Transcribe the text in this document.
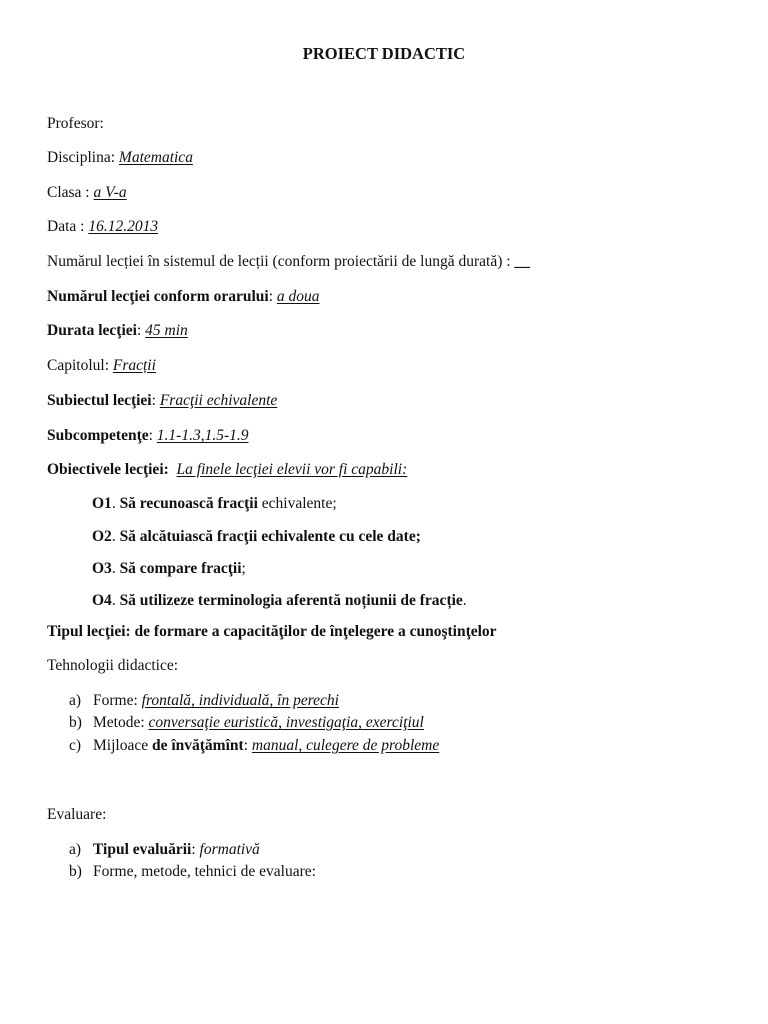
PROIECT DIDACTIC
Profesor:
Disciplina: Matematica
Clasa : a V-a
Data : 16.12.2013
Numărul lecției în sistemul de lecții (conform proiectării de lungă durată) : __
Numărul lecţiei conform orarului: a doua
Durata lecţiei: 45 min
Capitolul: Fracții
Subiectul lecţiei: Fracţii echivalente
Subcompetenţe: 1.1-1.3,1.5-1.9
Obiectivele lecţiei: La finele lecţiei elevii vor fi capabili:
O1. Să recunoască fracţii echivalente;
O2. Să alcătuiască fracţii echivalente cu cele date;
O3. Să compare fracţii;
O4. Să utilizeze terminologia aferentă noțiunii de fracție.
Tipul lecţiei: de formare a capacităţilor de înţelegere a cunoştinţelor
Tehnologii didactice:
a) Forme: frontală, individuală, în perechi
b) Metode: conversaţie euristică, investigaţia, exerciţiul
c) Mijloace de învăţămînt: manual, culegere de probleme
Evaluare:
a) Tipul evaluării: formativă
b) Forme, metode, tehnici de evaluare:
